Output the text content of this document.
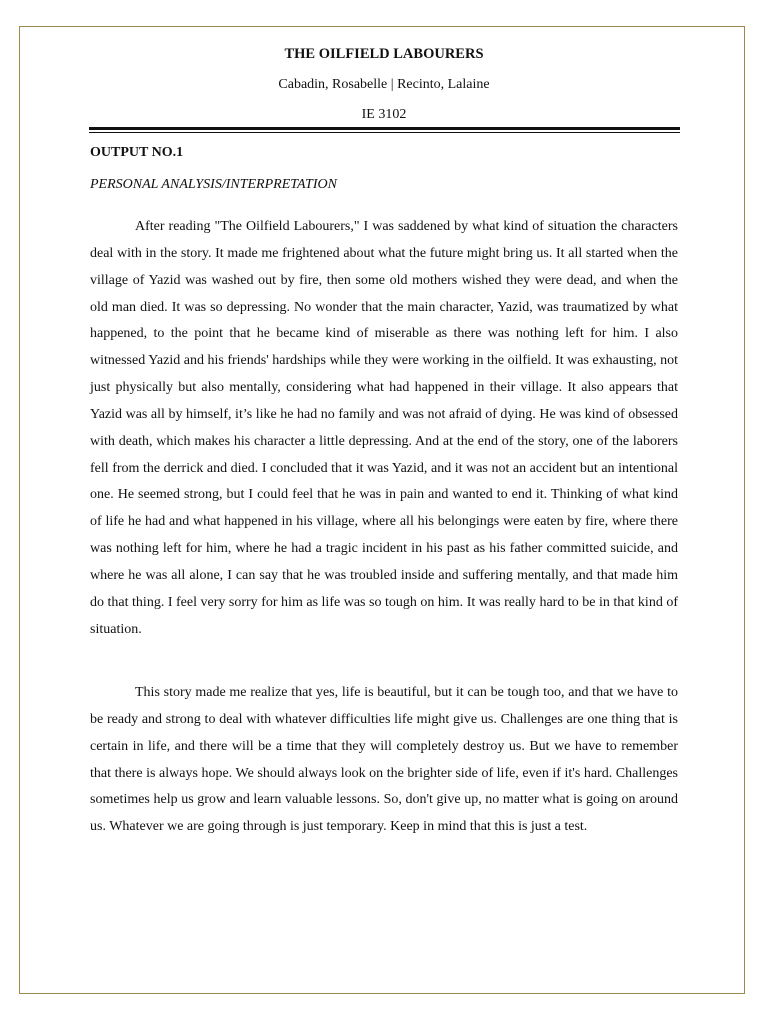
THE OILFIELD LABOURERS
Cabadin, Rosabelle | Recinto, Lalaine
IE 3102
OUTPUT NO.1
PERSONAL ANALYSIS/INTERPRETATION

After reading "The Oilfield Labourers," I was saddened by what kind of situation the characters deal with in the story. It made me frightened about what the future might bring us. It all started when the village of Yazid was washed out by fire, then some old mothers wished they were dead, and when the old man died. It was so depressing. No wonder that the main character, Yazid, was traumatized by what happened, to the point that he became kind of miserable as there was nothing left for him. I also witnessed Yazid and his friends' hardships while they were working in the oilfield. It was exhausting, not just physically but also mentally, considering what had happened in their village. It also appears that Yazid was all by himself, it’s like he had no family and was not afraid of dying. He was kind of obsessed with death, which makes his character a little depressing. And at the end of the story, one of the laborers fell from the derrick and died. I concluded that it was Yazid, and it was not an accident but an intentional one. He seemed strong, but I could feel that he was in pain and wanted to end it. Thinking of what kind of life he had and what happened in his village, where all his belongings were eaten by fire, where there was nothing left for him, where he had a tragic incident in his past as his father committed suicide, and where he was all alone, I can say that he was troubled inside and suffering mentally, and that made him do that thing. I feel very sorry for him as life was so tough on him. It was really hard to be in that kind of situation.

This story made me realize that yes, life is beautiful, but it can be tough too, and that we have to be ready and strong to deal with whatever difficulties life might give us. Challenges are one thing that is certain in life, and there will be a time that they will completely destroy us. But we have to remember that there is always hope. We should always look on the brighter side of life, even if it's hard. Challenges sometimes help us grow and learn valuable lessons. So, don't give up, no matter what is going on around us. Whatever we are going through is just temporary. Keep in mind that this is just a test.
